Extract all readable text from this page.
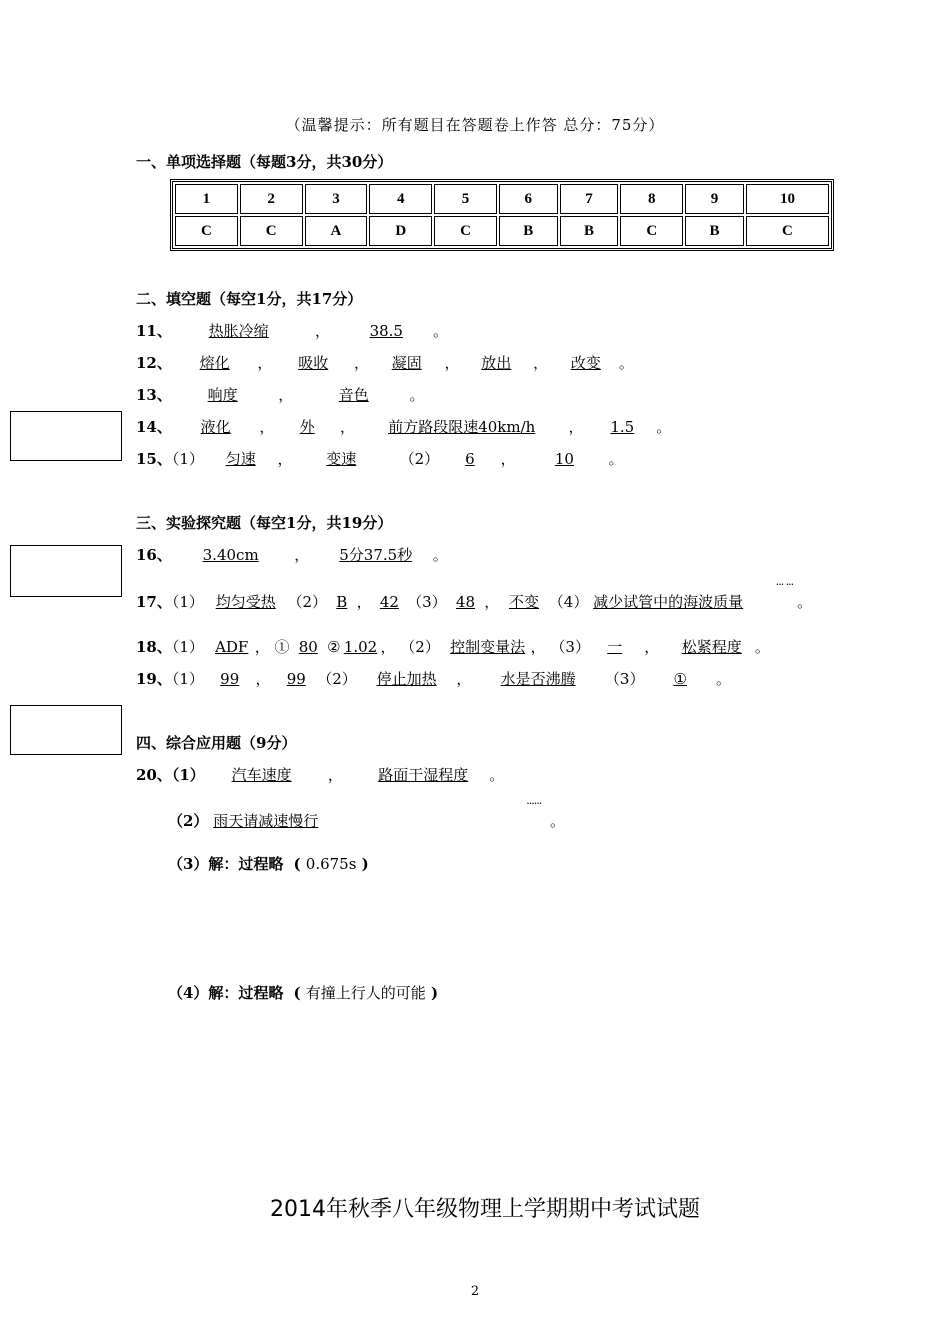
（温馨提示：所有题目在答题卷上作答 总分：75分）
一、单项选择题（每题3分，共30分）
1	2	3	4	5	6	7	8	9	10
C	C	A	D	C	B	B	C	B	C
二、填空题（每空1分，共17分）
11、 热胀冷缩   ，   38.5 。
12、 熔化 ， 吸收 ， 凝固 ， 放出 ， 改变 。
13、 响度  ，  音色 。
14、 液化 ， 外 ， 前方路段限速40km/h ， 1.5 。
15、（1） 匀速 ， 变速	（2） 6 ， 10 。
三、实验探究题（每空1分，共19分）
16、 3.40cm  ，  5分37.5秒 。
17、（1） 均匀受热 （2） B ， 42 （3） 48 ， 不变 （4） ··· ··· 减少试管中的海波质量	。
18、（1） ADF ， ① 80 ② 1.02 ， （2） 控制变量法 ， （3） 一  ，  松紧程度 。
19、（1） 99 ， 99 （2） 停止加热 ， 水是否沸腾 （3） ① 。
四、综合应用题（9分）
20、（1） 汽车速度   ，   路面干湿程度 。
（2） ······ 雨天请减速慢行	。
（3）解：过程略  ( 0.675s )
（4）解：过程略  ( 有撞上行人的可能 )
2014年秋季八年级物理上学期期中考试试题
2
